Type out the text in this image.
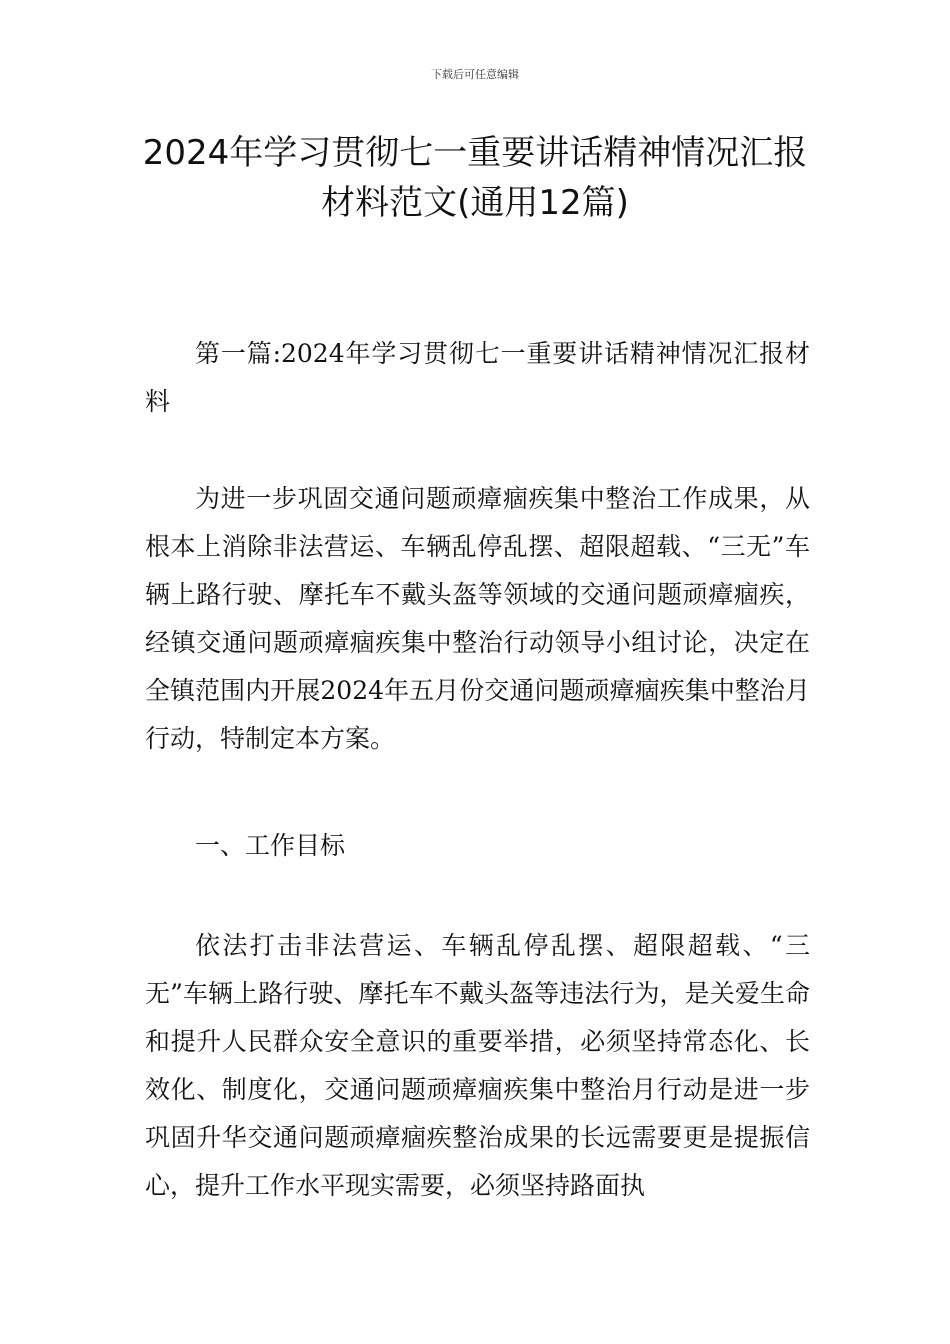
下载后可任意编辑
2024年学习贯彻七一重要讲话精神情况汇报材料范文(通用12篇)

第一篇:2024年学习贯彻七一重要讲话精神情况汇报材料

为进一步巩固交通问题顽瘴痼疾集中整治工作成果，从根本上消除非法营运、车辆乱停乱摆、超限超载、“三无”车辆上路行驶、摩托车不戴头盔等领域的交通问题顽瘴痼疾，经镇交通问题顽瘴痼疾集中整治行动领导小组讨论，决定在全镇范围内开展2024年五月份交通问题顽瘴痼疾集中整治月行动，特制定本方案。

一、工作目标

依法打击非法营运、车辆乱停乱摆、超限超载、“三无”车辆上路行驶、摩托车不戴头盔等违法行为，是关爱生命和提升人民群众安全意识的重要举措，必须坚持常态化、长效化、制度化，交通问题顽瘴痼疾集中整治月行动是进一步巩固升华交通问题顽瘴痼疾整治成果的长远需要更是提振信心，提升工作水平现实需要，必须坚持路面执
